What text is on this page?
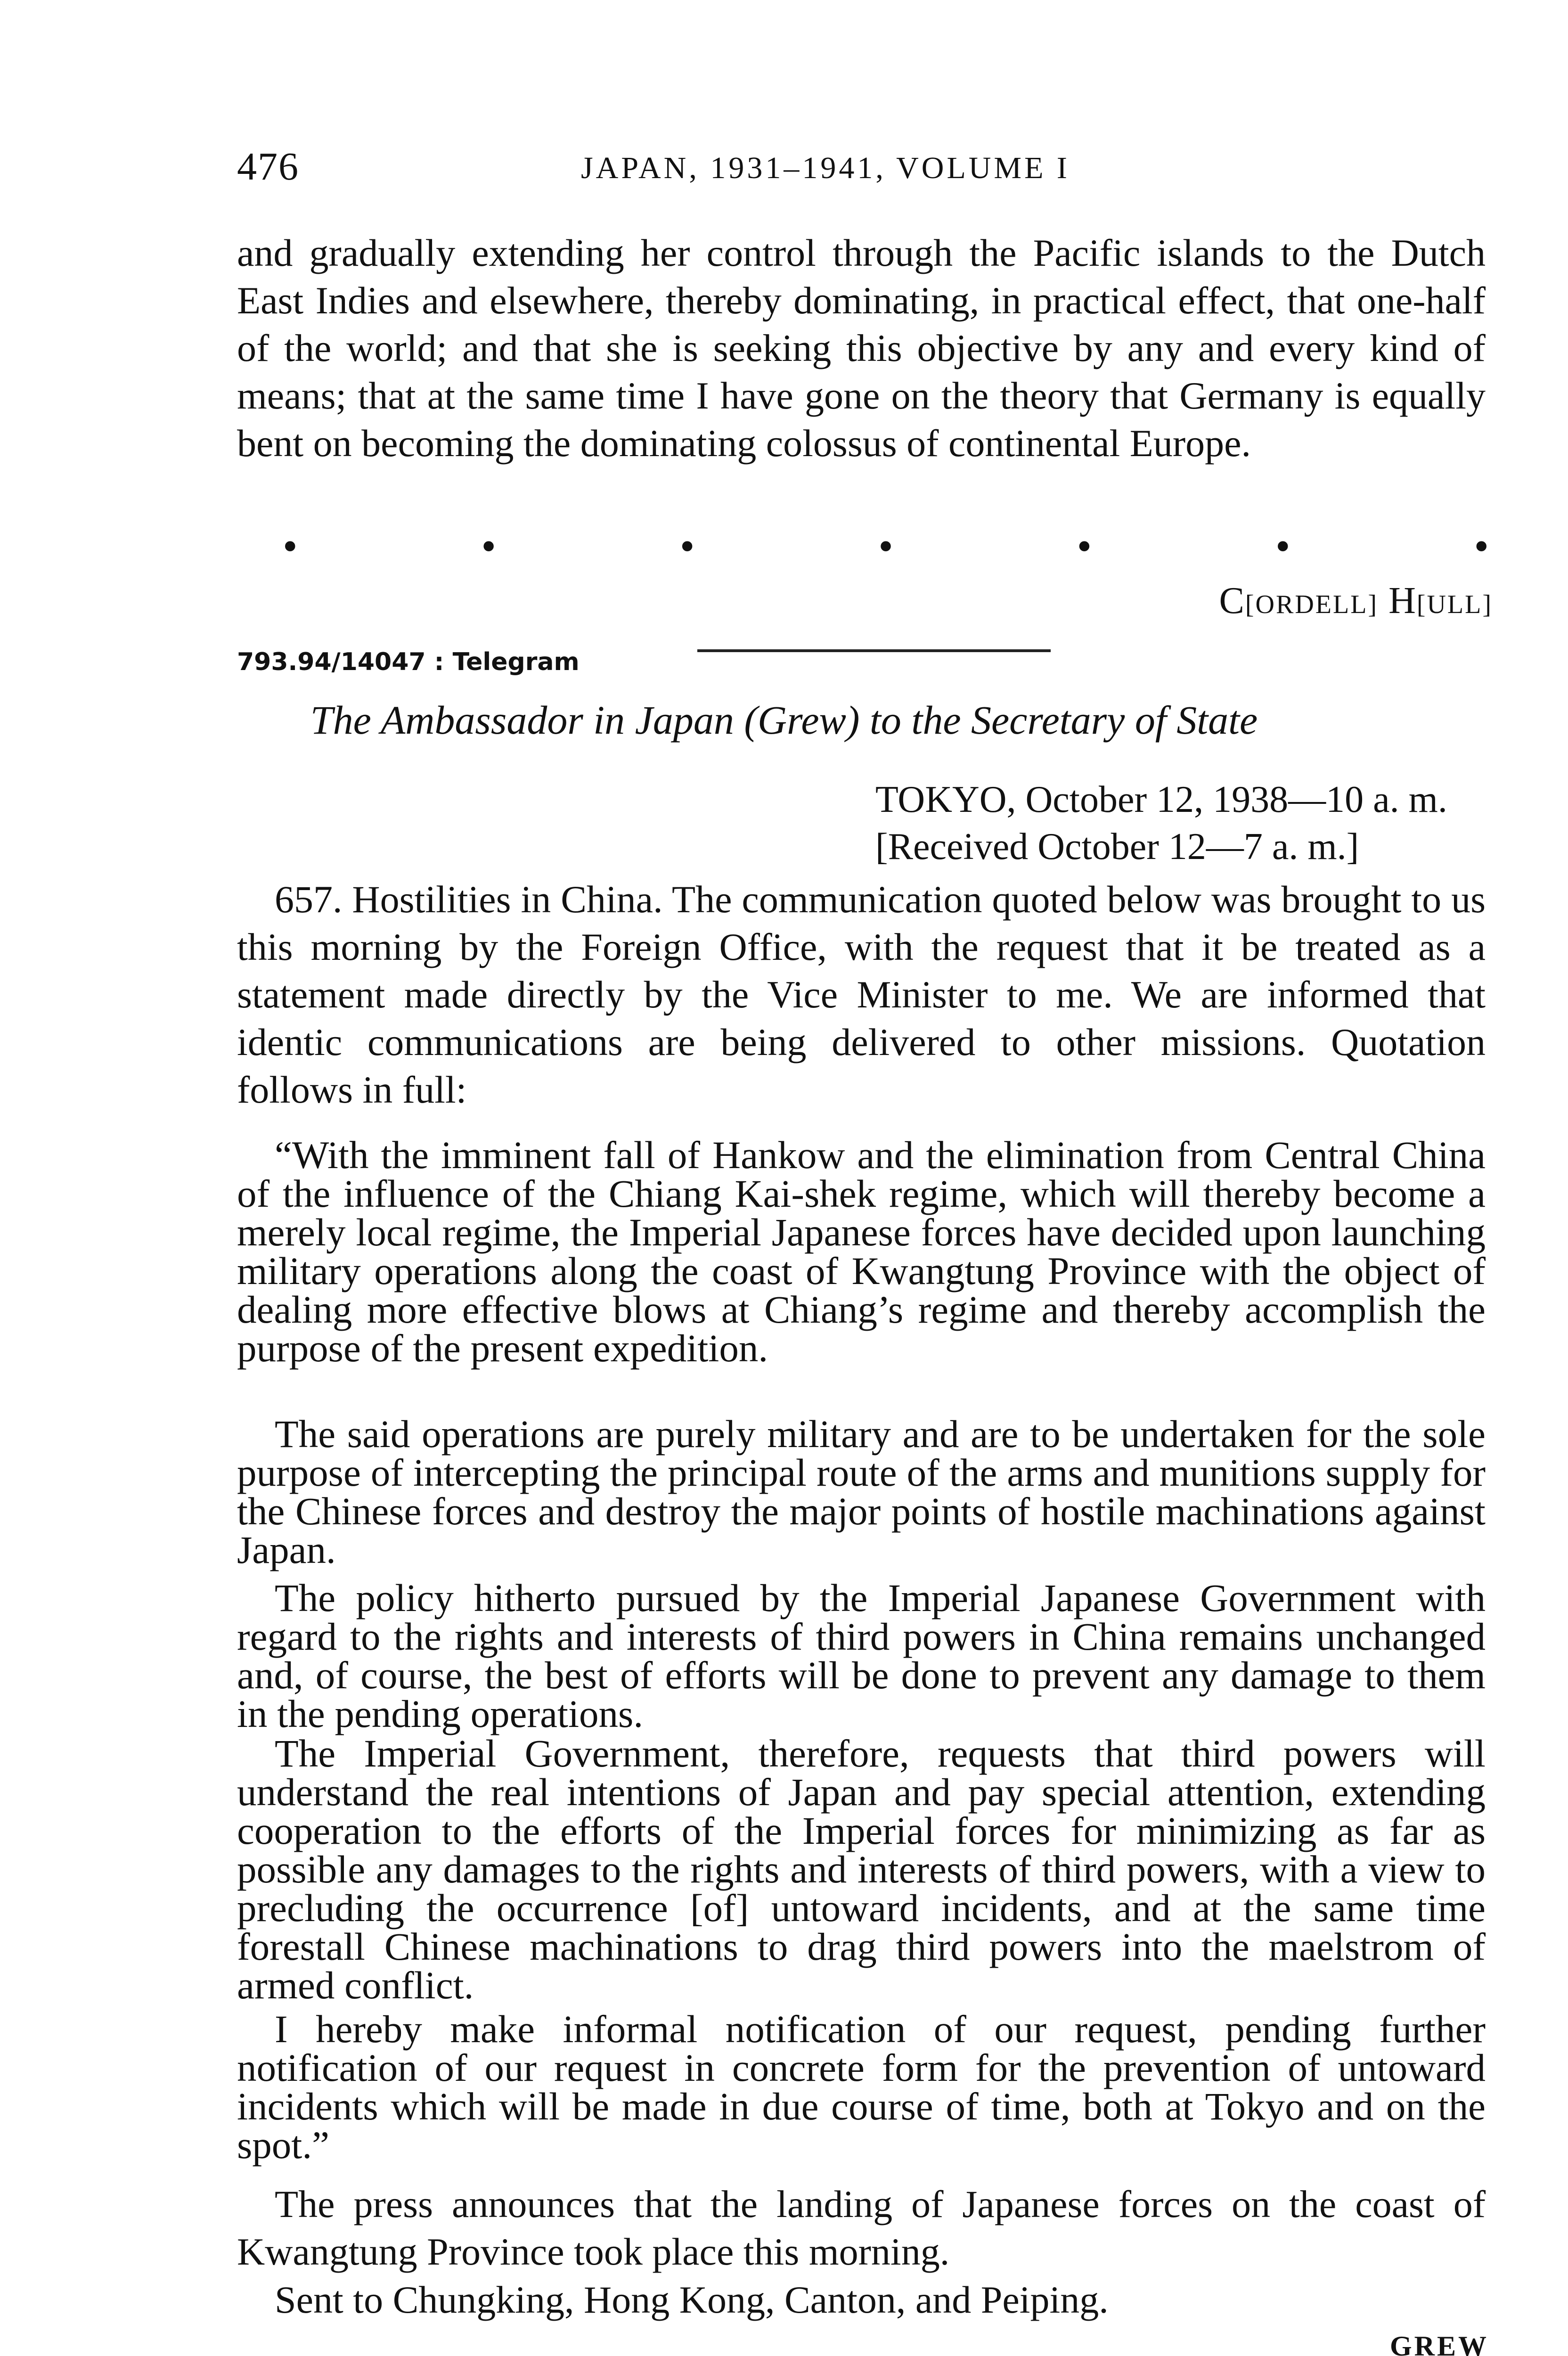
476	JAPAN, 1931–1941, VOLUME I

and gradually extending her control through the Pacific islands to the Dutch East Indies and elsewhere, thereby dominating, in practical effect, that one-half of the world; and that she is seeking this objective by any and every kind of means; that at the same time I have gone on the theory that Germany is equally bent on becoming the dominating colossus of continental Europe.

•	•	•	•	•	•	•
C[ORDELL] H[ULL]
793.94/14047 : Telegram
The Ambassador in Japan (Grew) to the Secretary of State
TOKYO, October 12, 1938—10 a. m.
[Received October 12—7 a. m.]

657. Hostilities in China. The communication quoted below was brought to us this morning by the Foreign Office, with the request that it be treated as a statement made directly by the Vice Minister to me. We are informed that identic communications are being delivered to other missions. Quotation follows in full:

“With the imminent fall of Hankow and the elimination from Central China of the influence of the Chiang Kai-shek regime, which will thereby become a merely local regime, the Imperial Japanese forces have decided upon launching military operations along the coast of Kwangtung Province with the object of dealing more effective blows at Chiang’s regime and thereby accomplish the purpose of the present expedition.

The said operations are purely military and are to be undertaken for the sole purpose of intercepting the principal route of the arms and munitions supply for the Chinese forces and destroy the major points of hostile machinations against Japan.

The policy hitherto pursued by the Imperial Japanese Government with regard to the rights and interests of third powers in China remains unchanged and, of course, the best of efforts will be done to prevent any damage to them in the pending operations.

The Imperial Government, therefore, requests that third powers will understand the real intentions of Japan and pay special attention, extending cooperation to the efforts of the Imperial forces for minimizing as far as possible any damages to the rights and interests of third powers, with a view to precluding the occurrence [of] untoward incidents, and at the same time forestall Chinese machinations to drag third powers into the maelstrom of armed conflict.

I hereby make informal notification of our request, pending further notification of our request in concrete form for the prevention of untoward incidents which will be made in due course of time, both at Tokyo and on the spot.”

The press announces that the landing of Japanese forces on the coast of Kwangtung Province took place this morning.

Sent to Chungking, Hong Kong, Canton, and Peiping.

GREW
